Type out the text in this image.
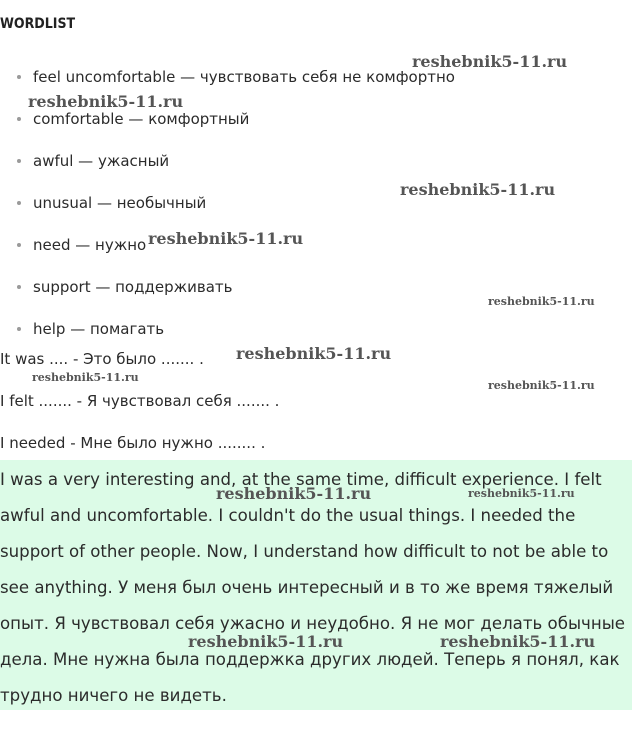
WORDLIST
feel uncomfortable — чувствовать себя не комфортно
comfortable — комфортный
awful — ужасный
unusual — необычный
need — нужно
support — поддерживать
help — помагать

It was .... - Это было ....... .

I felt ....... - Я чувствовал себя ....... .

I needed - Мне было нужно ........ .

I was a very interesting and, at the same time, difficult experience. I felt awful and uncomfortable. I couldn't do the usual things. I needed the support of other people. Now, I understand how difficult to not be able to see anything. У меня был очень интересный и в то же время тяжелый опыт. Я чувствовал себя ужасно и неудобно. Я не мог делать обычные дела. Мне нужна была поддержка других людей. Теперь я понял, как трудно ничего не видеть.

reshebnik5-11.ru
reshebnik5-11.ru
reshebnik5-11.ru
reshebnik5-11.ru
reshebnik5-11.ru
reshebnik5-11.ru
reshebnik5-11.ru
reshebnik5-11.ru
reshebnik5-11.ru	reshebnik5-11.ru
reshebnik5-11.ru	reshebnik5-11.ru
